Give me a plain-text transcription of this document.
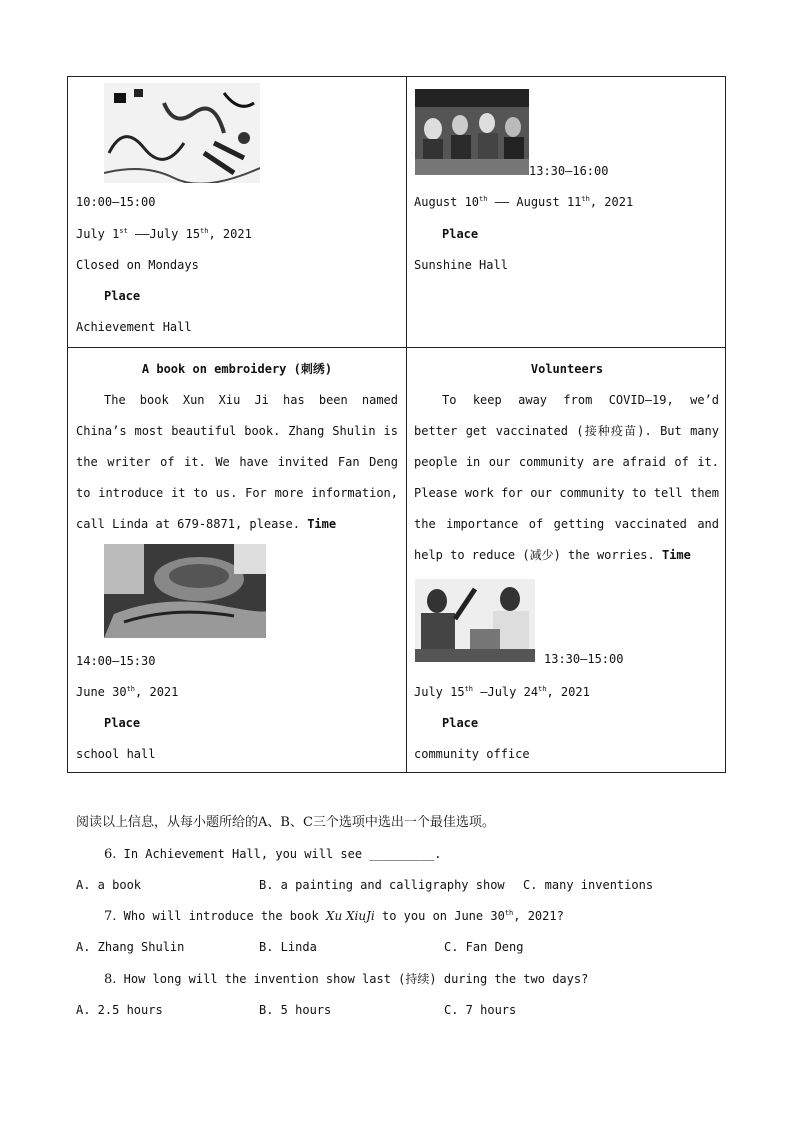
10:00—15:00
July 1st ——July 15th, 2021
Closed on Mondays
Place
Achievement Hall
13:30—16:00
August 10th —— August 11th, 2021
Place
Sunshine Hall
A book on embroidery (刺绣)
The book Xun Xiu Ji has been named China’s most beautiful book. Zhang Shulin is the writer of it. We have invited Fan Deng to introduce it to us. For more information, call Linda at 679-8871, please. Time
14:00—15:30
June 30th, 2021
Place
school hall
Volunteers
To keep away from COVID—19, we’d better get vaccinated (接种疫苗). But many people in our community are afraid of it. Please work for our community to tell them the importance of getting vaccinated and help to reduce (减少) the worries. Time
13:30—15:00
July 15th —July 24th, 2021
Place
community office
阅读以上信息，从每小题所给的A、B、C三个选项中选出一个最佳选项。
6. In Achievement Hall, you will see _________.
A. a book	B. a painting and calligraphy show C. many inventions
7. Who will introduce the book Xu XiuJi to you on June 30th, 2021?
A. Zhang Shulin	B. Linda	C. Fan Deng
8. How long will the invention show last (持续) during the two days?
A. 2.5 hours	B. 5 hours	C. 7 hours
